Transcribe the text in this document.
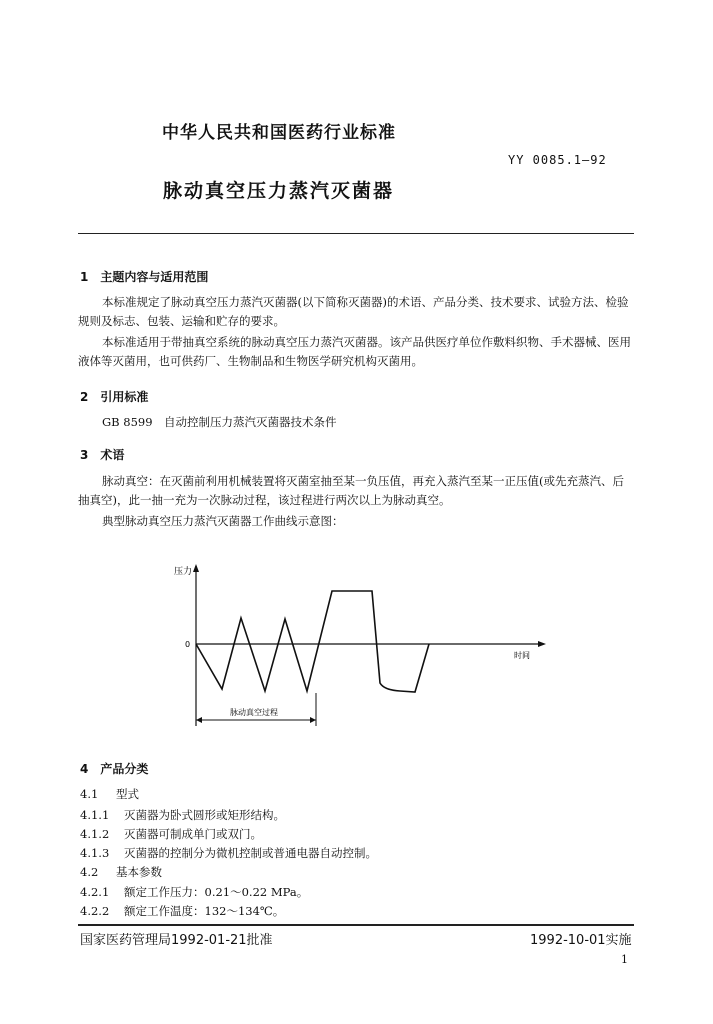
中华人民共和国医药行业标准
YY 0085.1—92
脉动真空压力蒸汽灭菌器
1　主题内容与适用范围
本标准规定了脉动真空压力蒸汽灭菌器(以下简称灭菌器)的术语、产品分类、技术要求、试验方法、检验规则及标志、包装、运输和贮存的要求。
本标准适用于带抽真空系统的脉动真空压力蒸汽灭菌器。该产品供医疗单位作敷料织物、手术器械、医用液体等灭菌用，也可供药厂、生物制品和生物医学研究机构灭菌用。
2　引用标准
GB 8599　自动控制压力蒸汽灭菌器技术条件
3　术语
脉动真空：在灭菌前利用机械装置将灭菌室抽至某一负压值，再充入蒸汽至某一正压值(或先充蒸汽、后抽真空)，此一抽一充为一次脉动过程，该过程进行两次以上为脉动真空。
典型脉动真空压力蒸汽灭菌器工作曲线示意图：
压力
0
时间
脉动真空过程
4　产品分类
4.1 型式
4.1.1 灭菌器为卧式圆形或矩形结构。
4.1.2 灭菌器可制成单门或双门。
4.1.3 灭菌器的控制分为微机控制或普通电器自动控制。
4.2 基本参数
4.2.1 额定工作压力：0.21～0.22 MPa。
4.2.2 额定工作温度：132～134℃。
国家医药管理局1992-01-21批准	1992-10-01实施
1
